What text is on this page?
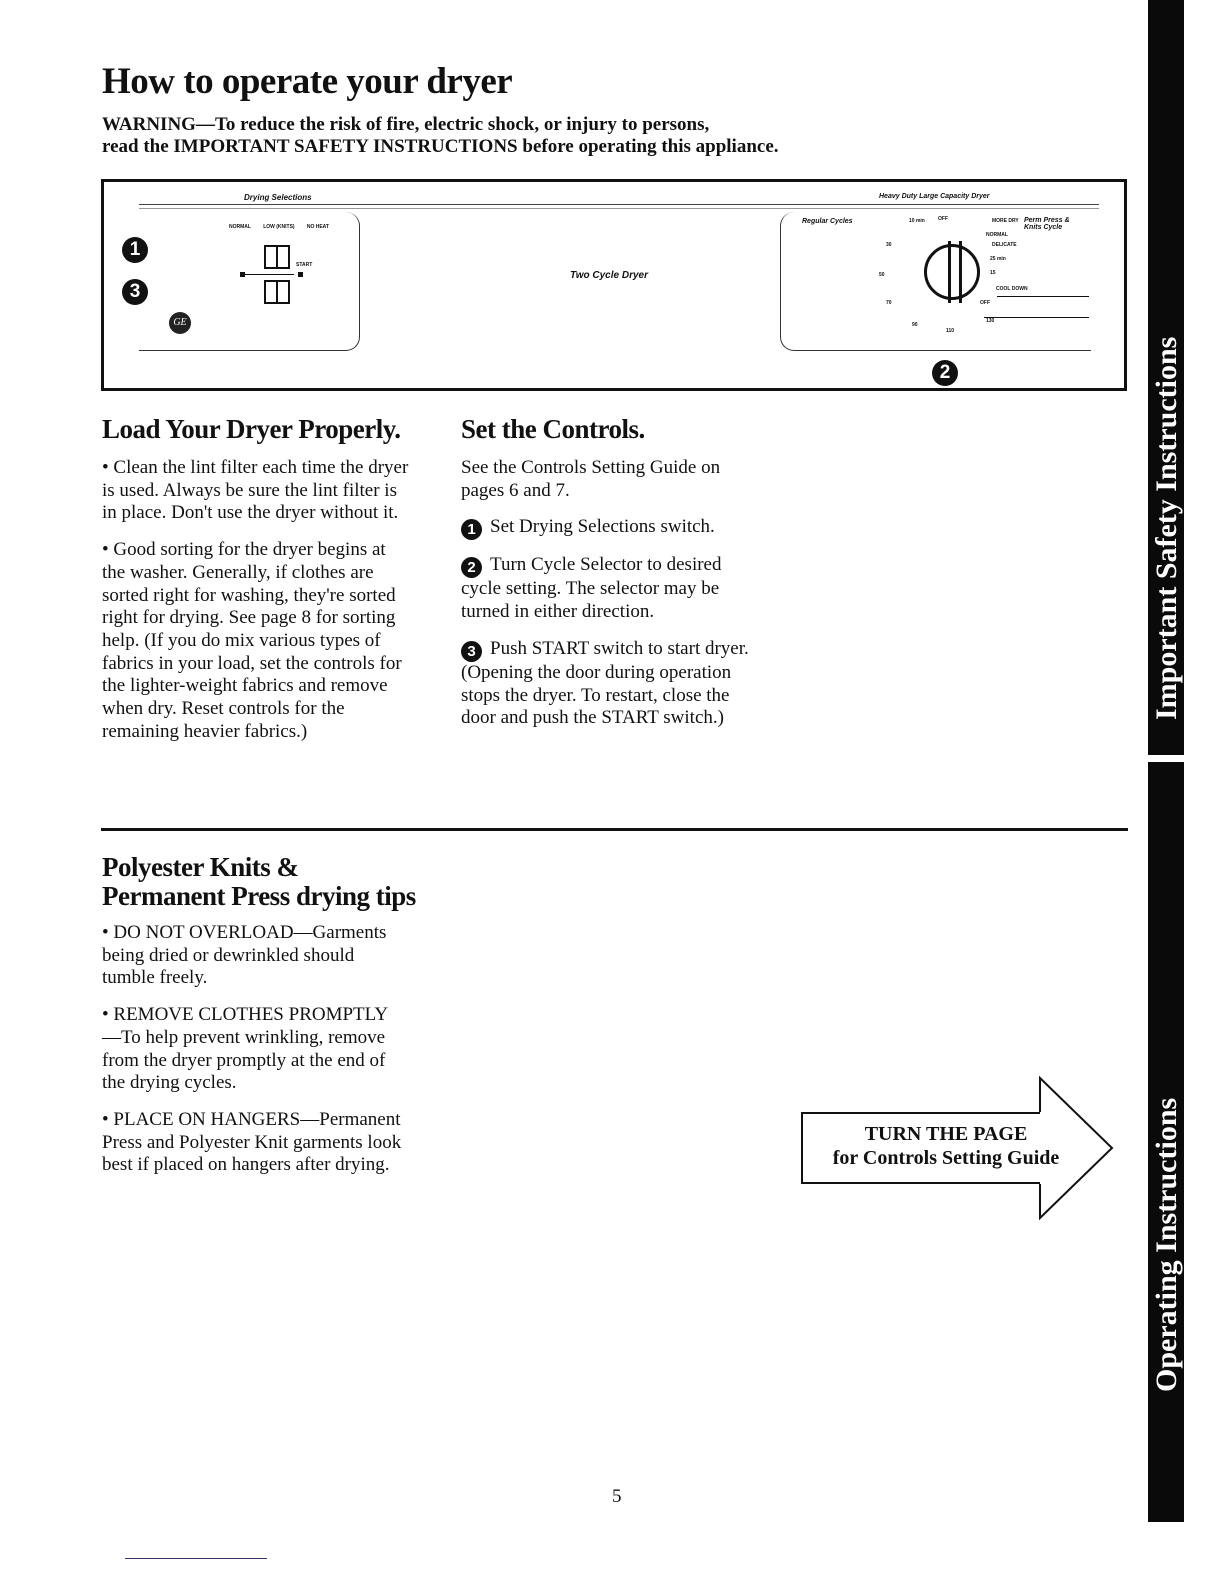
How to operate your dryer
WARNING—To reduce the risk of fire, electric shock, or injury to persons,
read the IMPORTANT SAFETY INSTRUCTIONS before operating this appliance.
Drying Selections	Heavy Duty Large Capacity Dryer
1
3
NORMAL LOW (KNITS) NO HEAT
START
GE
Two Cycle Dryer
Regular Cycles	Perm Press & Knits Cycle
OFF
10 min
30
50
70
90
110
130
MORE DRY
NORMAL
DELICATE
25 min
15
COOL DOWN
OFF
2
Load Your Dryer Properly.

• Clean the lint filter each time the dryer is used. Always be sure the lint filter is in place. Don't use the dryer without it.

• Good sorting for the dryer begins at the washer. Generally, if clothes are sorted right for washing, they're sorted right for drying. See page 8 for sorting help. (If you do mix various types of fabrics in your load, set the controls for the lighter-weight fabrics and remove when dry. Reset controls for the remaining heavier fabrics.)

Set the Controls.

See the Controls Setting Guide on pages 6 and 7.

1 Set Drying Selections switch.

2 Turn Cycle Selector to desired cycle setting. The selector may be turned in either direction.

3 Push START switch to start dryer. (Opening the door during operation stops the dryer. To restart, close the door and push the START switch.)

Polyester Knits &
Permanent Press drying tips

• DO NOT OVERLOAD—Garments being dried or dewrinkled should tumble freely.

• REMOVE CLOTHES PROMPTLY—To help prevent wrinkling, remove from the dryer promptly at the end of the drying cycles.

• PLACE ON HANGERS—Permanent Press and Polyester Knit garments look best if placed on hangers after drying.

TURN THE PAGE
for Controls Setting Guide
Important Safety Instructions
Operating Instructions
5
